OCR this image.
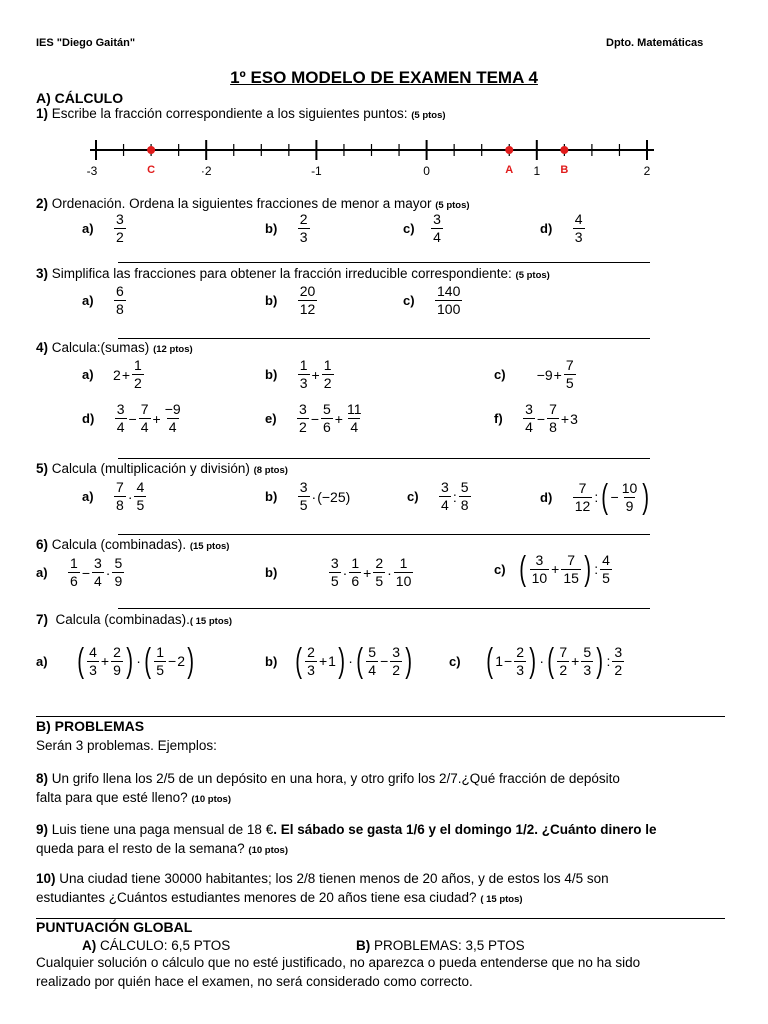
IES "Diego Gaitán"	Dpto. Matemáticas
1º ESO MODELO DE EXAMEN TEMA 4
A) CÁLCULO
1) Escribe la fracción correspondiente a los siguientes puntos: (5 ptos)
-3	·2	-1	0	1	2
C	A	B
2) Ordenación. Ordena la siguientes fracciones de menor a mayor (5 ptos)
a)
$\frac{3}{2}$	b)
$\frac{2}{3}$	c)
$\frac{3}{4}$	d)
$\frac{4}{3}$
3) Simplifica las fracciones para obtener la fracción irreducible correspondiente: (5 ptos)
a)
$\frac{6}{8}$	b)
$\frac{20}{12}$	c)
$\frac{140}{100}$
4) Calcula:(sumas) (12 ptos)
a)
$2 + \frac{1}{2}$	b)
$\frac{1}{3} + \frac{1}{2}$	c)
$-9 + \frac{7}{5}$
d)
$\frac{3}{4} - \frac{7}{4} + \frac{-9}{4}$	e)
$\frac{3}{2} - \frac{5}{6} + \frac{11}{4}$	f)
$\frac{3}{4} - \frac{7}{8} + 3$
5) Calcula (multiplicación y división) (8 ptos)
a)
$\frac{7}{8} \cdot \frac{4}{5}$	b)
$\frac{3}{5} \cdot (-25)$	c)
$\frac{3}{4}$ : $\frac{5}{8}$	d)
$\frac{7}{12}$ : ( − $\frac{10}{9}$ )
6) Calcula (combinadas). (15 ptos)
a)
$\frac{1}{6} - \frac{3}{4} \cdot \frac{5}{9}$	b)
	$\frac{3}{5} \cdot \frac{1}{6} + \frac{2}{5} \cdot \frac{1}{10}$	c)
( $\frac{3}{10} + \frac{7}{15}$ ) : $\frac{4}{5}$
7) Calcula (combinadas).( 15 ptos)
a)
( $\frac{4}{3} + \frac{2}{9}$ ) · ( $\frac{1}{5} - 2$ )	b)
( $\frac{2}{3} + 1$ ) · ( $\frac{5}{4} - \frac{3}{2}$ )	c)
( $1 - \frac{2}{3}$ ) · ( $\frac{7}{2} + \frac{5}{3}$ ) : $\frac{3}{2}$
B) PROBLEMAS
Serán 3 problemas. Ejemplos:
8) Un grifo llena los 2/5 de un depósito en una hora, y otro grifo los 2/7.¿Qué fracción de depósito
falta para que esté lleno? (10 ptos)
9) Luis tiene una paga mensual de 18 €. El sábado se gasta 1/6 y el domingo 1/2. ¿Cuánto dinero le
queda para el resto de la semana? (10 ptos)
10) Una ciudad tiene 30000 habitantes; los 2/8 tienen menos de 20 años, y de estos los 4/5 son
estudiantes ¿Cuántos estudiantes menores de 20 años tiene esa ciudad? ( 15 ptos)
PUNTUACIÓN GLOBAL
A) CÁLCULO: 6,5 PTOS	B) PROBLEMAS: 3,5 PTOS
Cualquier solución o cálculo que no esté justificado, no aparezca o pueda entenderse que no ha sido
realizado por quién hace el examen, no será considerado como correcto.
